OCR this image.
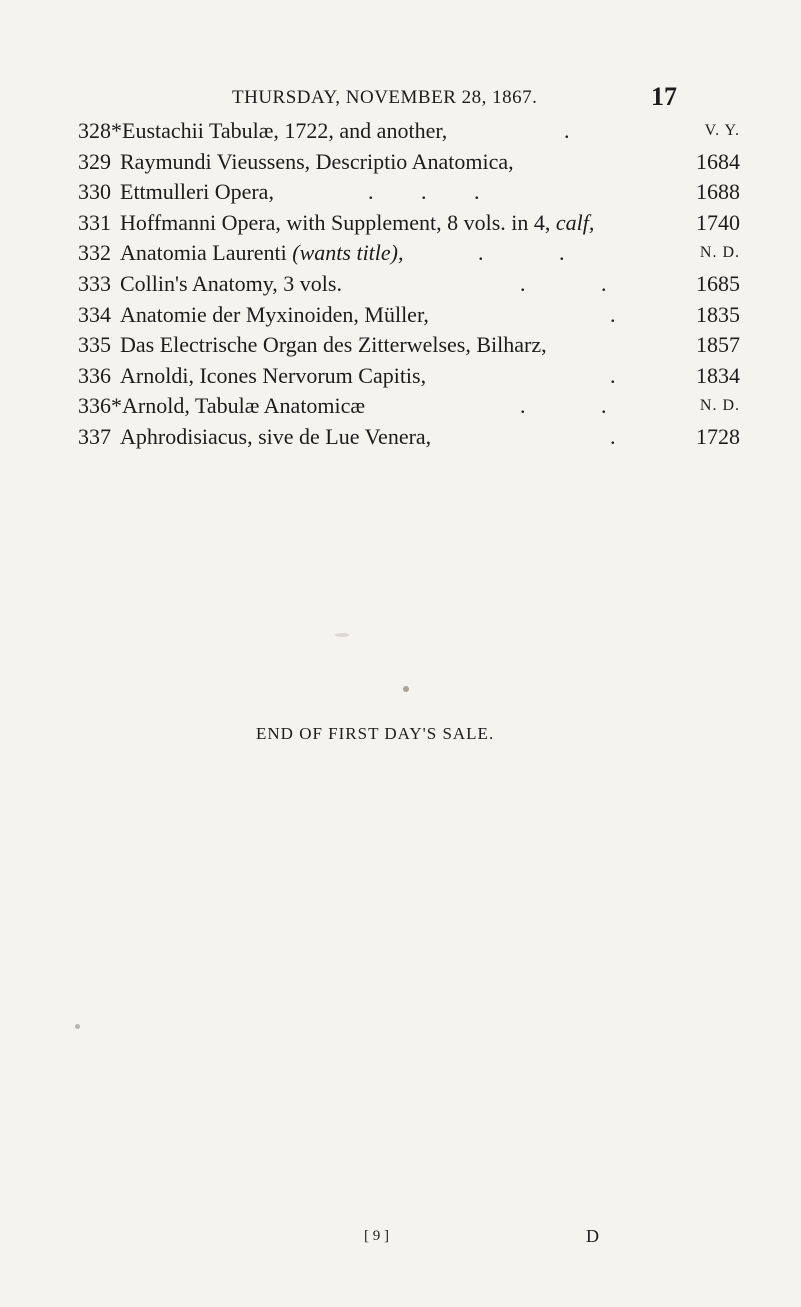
THURSDAY, NOVEMBER 28, 1867.	17
328*Eustachii Tabulæ, 1722, and another,	.	V. Y.
329 Raymundi Vieussens, Descriptio Anatomica,	1684
330 Ettmulleri Opera,	. . .	1688
331 Hoffmanni Opera, with Supplement, 8 vols. in 4, calf,	1740
332 Anatomia Laurenti (wants title),	. .	N. D.
333 Collin's Anatomy, 3 vols.	. .	1685
334 Anatomie der Myxinoiden, Müller,	.	1835
335 Das Electrische Organ des Zitterwelses, Bilharz,	1857
336 Arnoldi, Icones Nervorum Capitis,	.	1834
336*Arnold, Tabulæ Anatomicæ	. .	N. D.
337 Aphrodisiacus, sive de Lue Venera,	.	1728
END OF FIRST DAY'S SALE.
[ 9 ]	D
